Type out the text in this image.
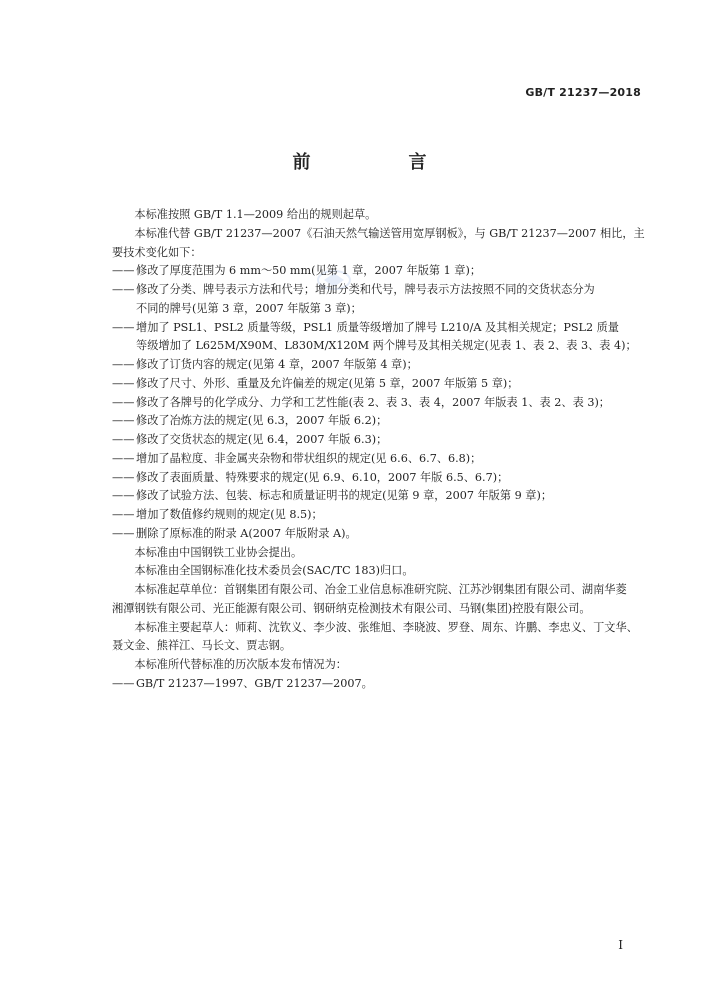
GB/T 21237—2018
前　言
本标准按照 GB/T 1.1—2009 给出的规则起草。
本标准代替 GB/T 21237—2007《石油天然气输送管用宽厚钢板》，与 GB/T 21237—2007 相比，主
要技术变化如下：
—— 修改了厚度范围为 6 mm～50 mm(见第 1 章，2007 年版第 1 章)；
—— 修改了分类、牌号表示方法和代号；增加分类和代号，牌号表示方法按照不同的交货状态分为
不同的牌号(见第 3 章，2007 年版第 3 章)；
—— 增加了 PSL1、PSL2 质量等级，PSL1 质量等级增加了牌号 L210/A 及其相关规定；PSL2 质量
等级增加了 L625M/X90M、L830M/X120M 两个牌号及其相关规定(见表 1、表 2、表 3、表 4)；
—— 修改了订货内容的规定(见第 4 章，2007 年版第 4 章)；
—— 修改了尺寸、外形、重量及允许偏差的规定(见第 5 章，2007 年版第 5 章)；
—— 修改了各牌号的化学成分、力学和工艺性能(表 2、表 3、表 4，2007 年版表 1、表 2、表 3)；
—— 修改了冶炼方法的规定(见 6.3，2007 年版 6.2)；
—— 修改了交货状态的规定(见 6.4，2007 年版 6.3)；
—— 增加了晶粒度、非金属夹杂物和带状组织的规定(见 6.6、6.7、6.8)；
—— 修改了表面质量、特殊要求的规定(见 6.9、6.10，2007 年版 6.5、6.7)；
—— 修改了试验方法、包装、标志和质量证明书的规定(见第 9 章，2007 年版第 9 章)；
—— 增加了数值修约规则的规定(见 8.5)；
—— 删除了原标准的附录 A(2007 年版附录 A)。
本标准由中国钢铁工业协会提出。
本标准由全国钢标准化技术委员会(SAC/TC 183)归口。
本标准起草单位：首钢集团有限公司、冶金工业信息标准研究院、江苏沙钢集团有限公司、湖南华菱
湘潭钢铁有限公司、光正能源有限公司、钢研纳克检测技术有限公司、马钢(集团)控股有限公司。
本标准主要起草人：师莉、沈钦义、李少波、张维旭、李晓波、罗登、周东、许鹏、李忠义、丁文华、
聂文金、熊祥江、马长文、贾志钢。
本标准所代替标准的历次版本发布情况为：
—— GB/T 21237—1997、GB/T 21237—2007。
I
